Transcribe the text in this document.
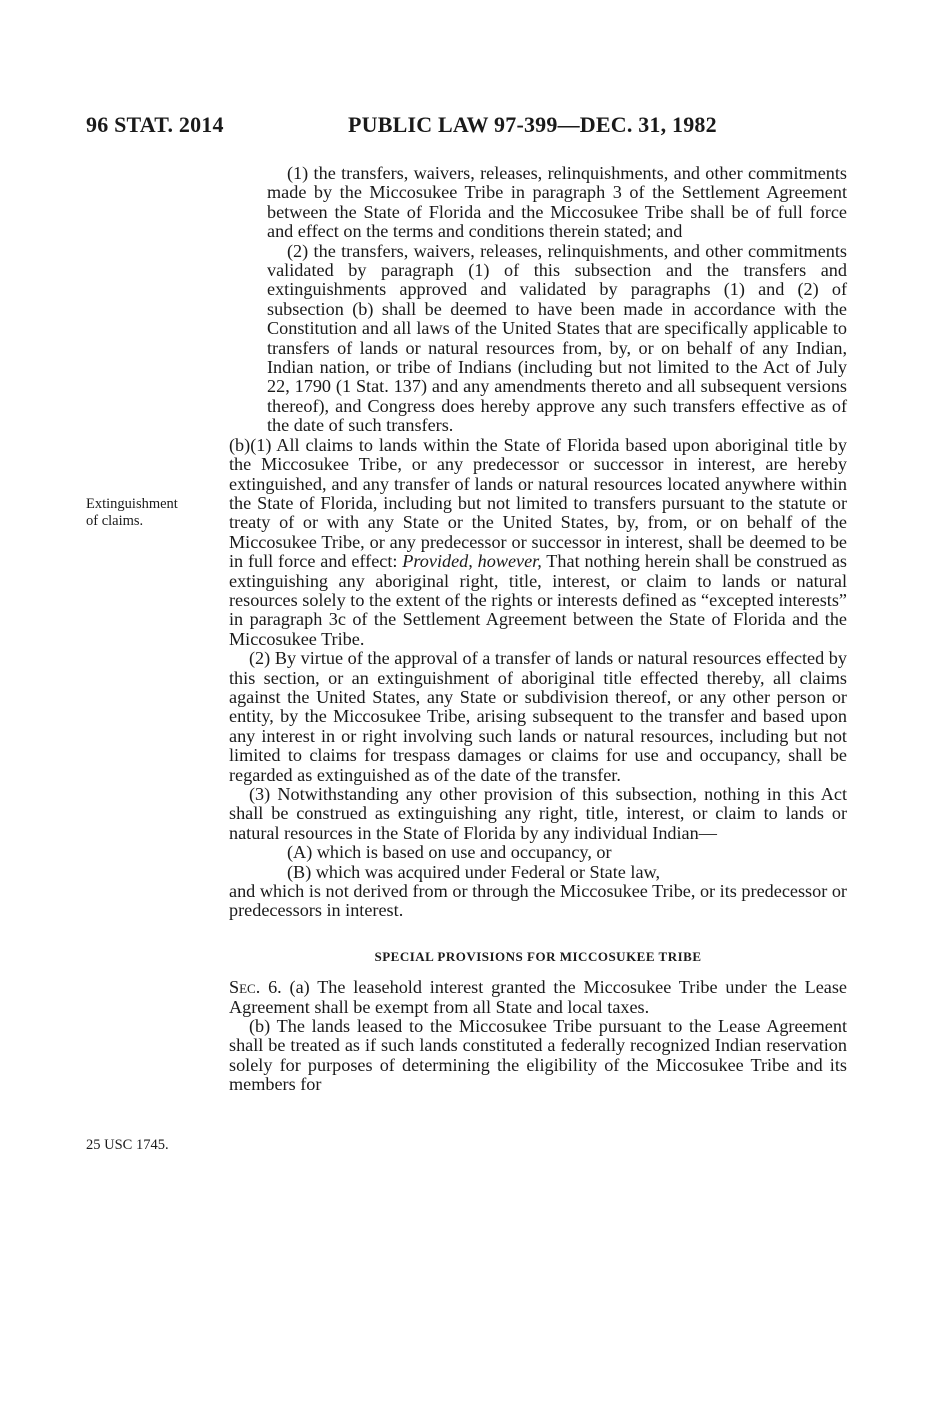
96 STAT. 2014	PUBLIC LAW 97-399—DEC. 31, 1982
Extinguishment
of claims.
25 USC 1745.

(1) the transfers, waivers, releases, relinquishments, and other commitments made by the Miccosukee Tribe in paragraph 3 of the Settlement Agreement between the State of Florida and the Miccosukee Tribe shall be of full force and effect on the terms and conditions therein stated; and

(2) the transfers, waivers, releases, relinquishments, and other commitments validated by paragraph (1) of this subsection and the transfers and extinguishments approved and validated by paragraphs (1) and (2) of subsection (b) shall be deemed to have been made in accordance with the Constitution and all laws of the United States that are specifically applicable to transfers of lands or natural resources from, by, or on behalf of any Indian, Indian nation, or tribe of Indians (including but not limited to the Act of July 22, 1790 (1 Stat. 137) and any amendments thereto and all subsequent versions thereof), and Congress does hereby approve any such transfers effective as of the date of such transfers.

(b)(1) All claims to lands within the State of Florida based upon aboriginal title by the Miccosukee Tribe, or any predecessor or successor in interest, are hereby extinguished, and any transfer of lands or natural resources located anywhere within the State of Florida, including but not limited to transfers pursuant to the statute or treaty of or with any State or the United States, by, from, or on behalf of the Miccosukee Tribe, or any predecessor or successor in interest, shall be deemed to be in full force and effect: Provided, however, That nothing herein shall be construed as extinguishing any aboriginal right, title, interest, or claim to lands or natural resources solely to the extent of the rights or interests defined as “excepted interests” in paragraph 3c of the Settlement Agreement between the State of Florida and the Miccosukee Tribe.

(2) By virtue of the approval of a transfer of lands or natural resources effected by this section, or an extinguishment of aboriginal title effected thereby, all claims against the United States, any State or subdivision thereof, or any other person or entity, by the Miccosukee Tribe, arising subsequent to the transfer and based upon any interest in or right involving such lands or natural resources, including but not limited to claims for trespass damages or claims for use and occupancy, shall be regarded as extinguished as of the date of the transfer.

(3) Notwithstanding any other provision of this subsection, nothing in this Act shall be construed as extinguishing any right, title, interest, or claim to lands or natural resources in the State of Florida by any individual Indian—

(A) which is based on use and occupancy, or

(B) which was acquired under Federal or State law,

and which is not derived from or through the Miccosukee Tribe, or its predecessor or predecessors in interest.

SPECIAL PROVISIONS FOR MICCOSUKEE TRIBE

Sec. 6. (a) The leasehold interest granted the Miccosukee Tribe under the Lease Agreement shall be exempt from all State and local taxes.

(b) The lands leased to the Miccosukee Tribe pursuant to the Lease Agreement shall be treated as if such lands constituted a federally recognized Indian reservation solely for purposes of determining the eligibility of the Miccosukee Tribe and its members for
